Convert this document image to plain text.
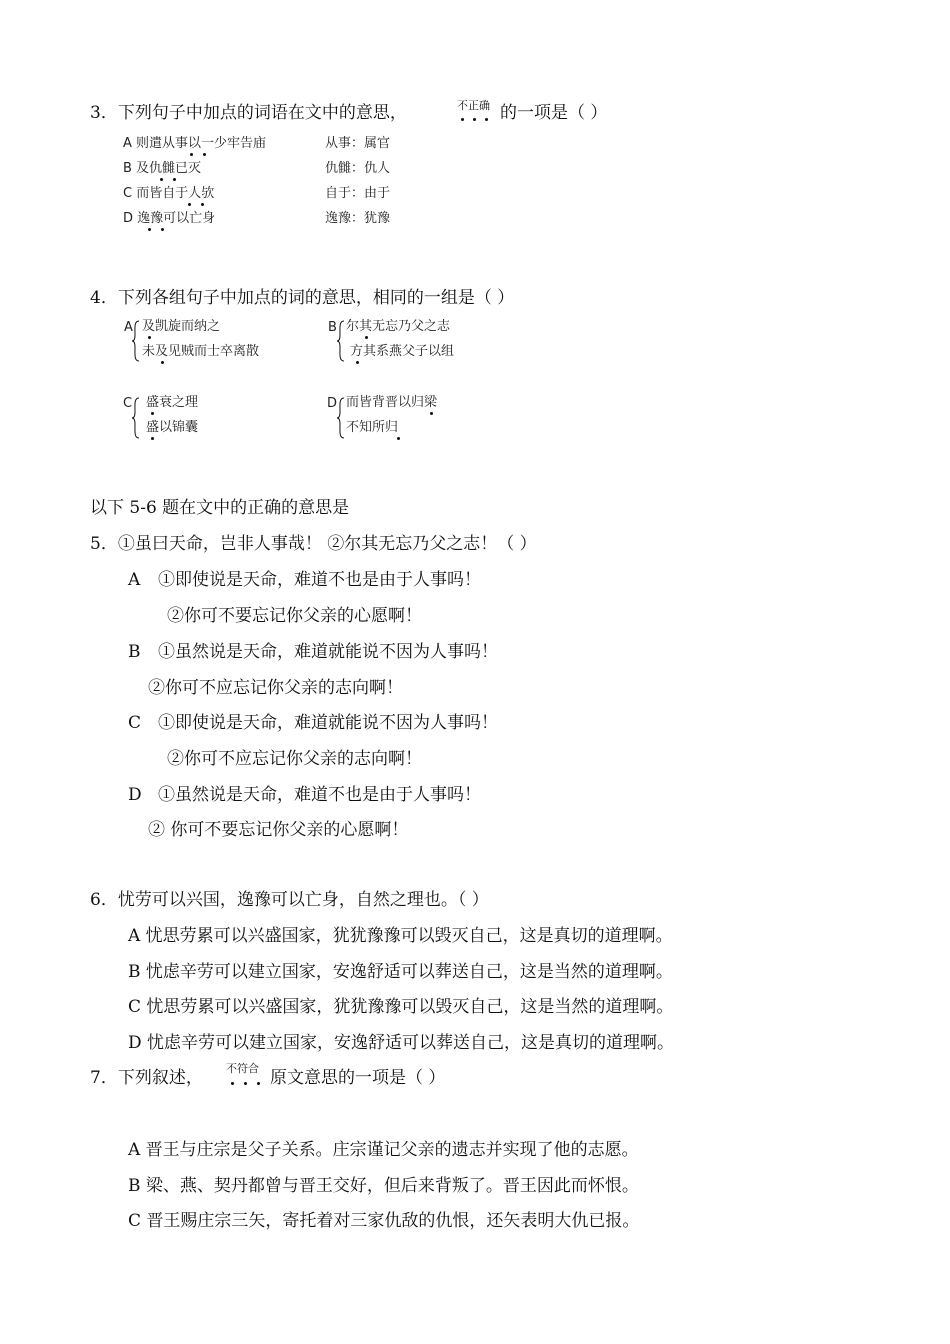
3．下列句子中加点的词语在文中的意思，	不正确 的一项是（ ）
A 则遣从事以一少牢告庙	从事：属官
B 及仇雠已灭	仇雠：仇人
C 而皆自于人欤	自于：由于
D 逸豫可以亡身	逸豫：犹豫
4．下列各组句子中加点的词的意思，相同的一组是（ ）
A 及凯旋而纳之
未及见贼而士卒离散
B 尔其无忘乃父之志
方其系燕父子以组
C 盛衰之理
盛以锦囊
D 而皆背晋以归梁
不知所归
以下 5-6 题在文中的正确的意思是
5．①虽曰天命，岂非人事哉！ ②尔其无忘乃父之志！（ ）
A ①即使说是天命，难道不也是由于人事吗！
②你可不要忘记你父亲的心愿啊！
B ①虽然说是天命，难道就能说不因为人事吗！
②你可不应忘记你父亲的志向啊！
C ①即使说是天命，难道就能说不因为人事吗！
②你可不应忘记你父亲的志向啊！
D ①虽然说是天命，难道不也是由于人事吗！
② 你可不要忘记你父亲的心愿啊！
6．忧劳可以兴国，逸豫可以亡身，自然之理也。（ ）
A 忧思劳累可以兴盛国家，犹犹豫豫可以毁灭自己，这是真切的道理啊。
B 忧虑辛劳可以建立国家，安逸舒适可以葬送自己，这是当然的道理啊。
C 忧思劳累可以兴盛国家，犹犹豫豫可以毁灭自己，这是当然的道理啊。
D 忧虑辛劳可以建立国家，安逸舒适可以葬送自己，这是真切的道理啊。
7．下列叙述， 不符合 原文意思的一项是（ ）
A 晋王与庄宗是父子关系。庄宗谨记父亲的遗志并实现了他的志愿。
B 梁、燕、契丹都曾与晋王交好，但后来背叛了。晋王因此而怀恨。
C 晋王赐庄宗三矢，寄托着对三家仇敌的仇恨，还矢表明大仇已报。
